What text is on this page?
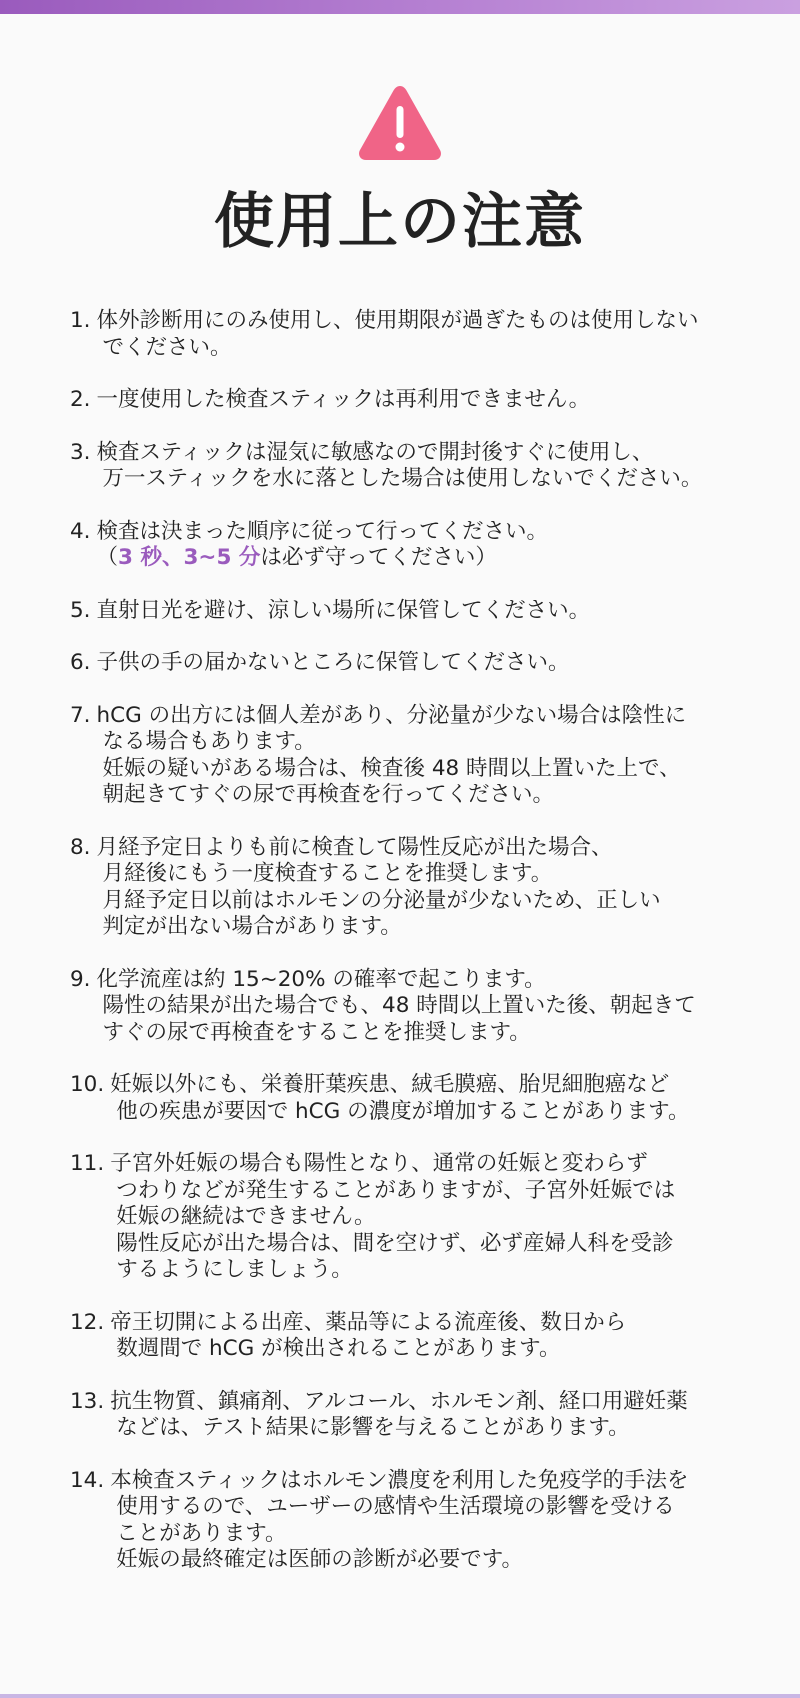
使用上の注意
1. 体外診断用にのみ使用し、使用期限が過ぎたものは使用しない
でください。
2. 一度使用した検査スティックは再利用できません。
3. 検査スティックは湿気に敏感なので開封後すぐに使用し、
万一スティックを水に落とした場合は使用しないでください。
4. 検査は決まった順序に従って行ってください。
（3 秒、3~5 分は必ず守ってください）
5. 直射日光を避け、涼しい場所に保管してください。
6. 子供の手の届かないところに保管してください。
7. hCG の出方には個人差があり、分泌量が少ない場合は陰性に
なる場合もあります。
妊娠の疑いがある場合は、検査後 48 時間以上置いた上で、
朝起きてすぐの尿で再検査を行ってください。
8. 月経予定日よりも前に検査して陽性反応が出た場合、
月経後にもう一度検査することを推奨します。
月経予定日以前はホルモンの分泌量が少ないため、正しい
判定が出ない場合があります。
9. 化学流産は約 15~20% の確率で起こります。
陽性の結果が出た場合でも、48 時間以上置いた後、朝起きて
すぐの尿で再検査をすることを推奨します。
10. 妊娠以外にも、栄養肝葉疾患、絨毛膜癌、胎児細胞癌など
他の疾患が要因で hCG の濃度が増加することがあります。
11. 子宮外妊娠の場合も陽性となり、通常の妊娠と変わらず
つわりなどが発生することがありますが、子宮外妊娠では
妊娠の継続はできません。
陽性反応が出た場合は、間を空けず、必ず産婦人科を受診
するようにしましょう。
12. 帝王切開による出産、薬品等による流産後、数日から
数週間で hCG が検出されることがあります。
13. 抗生物質、鎮痛剤、アルコール、ホルモン剤、経口用避妊薬
などは、テスト結果に影響を与えることがあります。
14. 本検査スティックはホルモン濃度を利用した免疫学的手法を
使用するので、ユーザーの感情や生活環境の影響を受ける
ことがあります。
妊娠の最終確定は医師の診断が必要です。
